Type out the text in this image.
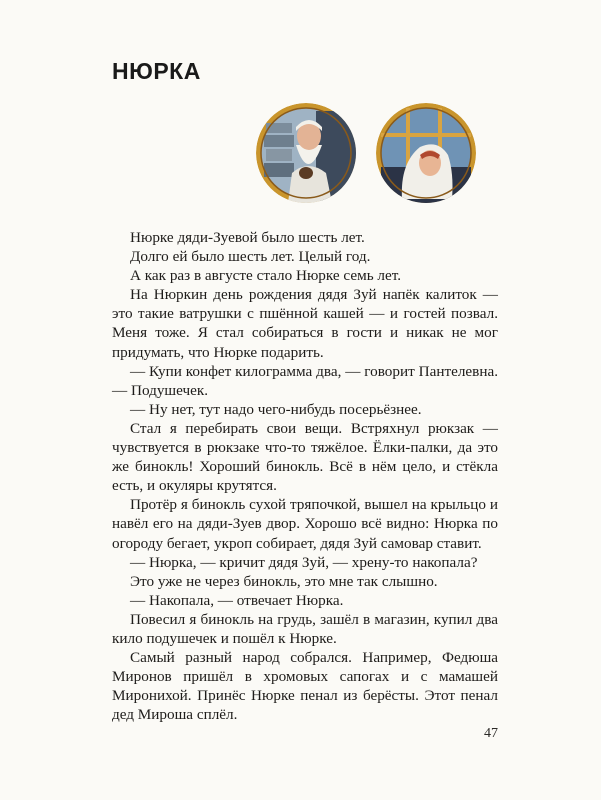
НЮРКА

Нюрке дяди-Зуевой было шесть лет.

Долго ей было шесть лет. Целый год.

А как раз в августе стало Нюрке семь лет.

На Нюркин день рождения дядя Зуй напёк калиток — это такие ватрушки с пшённой кашей — и гостей позвал. Меня тоже. Я стал собираться в гости и никак не мог придумать, что Нюрке подарить.

— Купи конфет килограмма два, — говорит Пантелевна. — Подушечек.

— Ну нет, тут надо чего-нибудь посерьёзнее.

Стал я перебирать свои вещи. Встряхнул рюкзак — чувствуется в рюкзаке что-то тяжёлое. Ёлки-палки, да это же бинокль! Хороший бинокль. Всё в нём цело, и стёкла есть, и окуляры крутятся.

Протёр я бинокль сухой тряпочкой, вышел на крыльцо и навёл его на дяди-Зуев двор. Хорошо всё видно: Нюрка по огороду бегает, укроп собирает, дядя Зуй самовар ставит.

— Нюрка, — кричит дядя Зуй, — хрену-то накопала?

Это уже не через бинокль, это мне так слышно.

— Накопала, — отвечает Нюрка.

Повесил я бинокль на грудь, зашёл в магазин, купил два кило подушечек и пошёл к Нюрке.

Самый разный народ собрался. Например, Федюша Миронов пришёл в хромовых сапогах и с мамашей Миронихой. Принёс Нюрке пенал из берёсты. Этот пенал дед Мироша сплёл.

47
